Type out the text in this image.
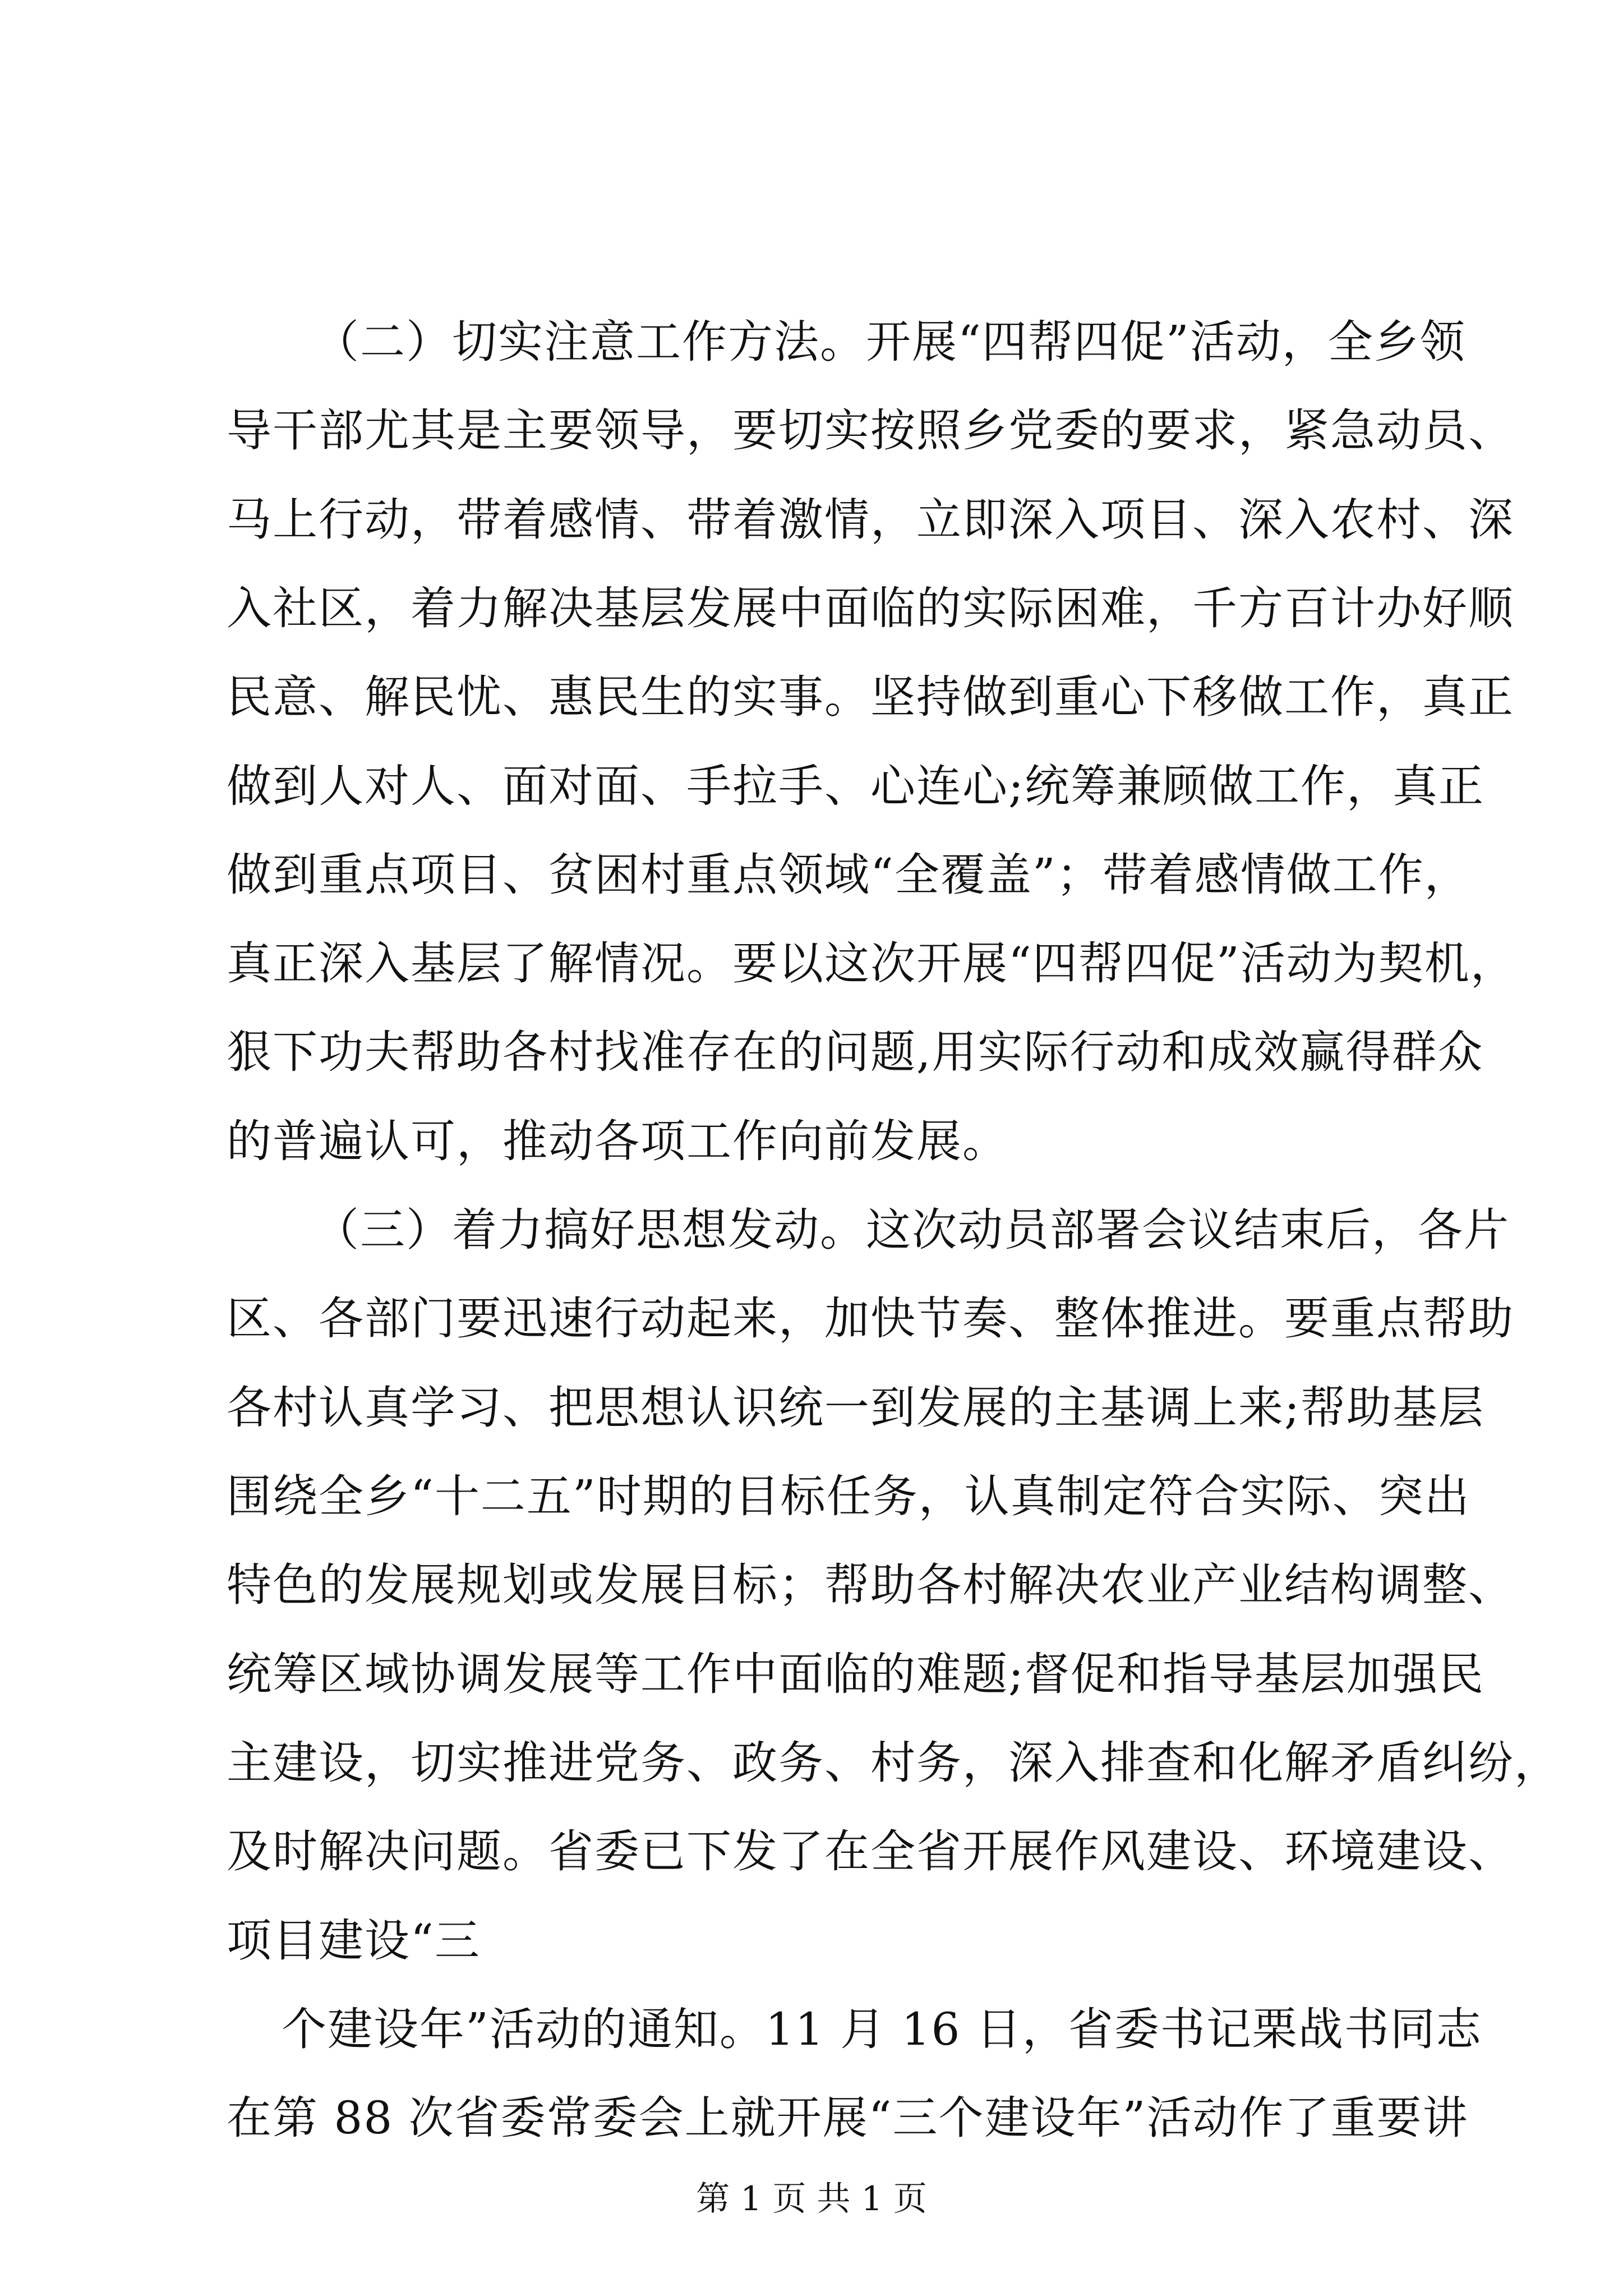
（二）切实注意工作方法。开展“四帮四促”活动，全乡领
导干部尤其是主要领导，要切实按照乡党委的要求，紧急动员、
马上行动，带着感情、带着激情，立即深入项目、深入农村、深
入社区，着力解决基层发展中面临的实际困难，千方百计办好顺
民意、解民忧、惠民生的实事。坚持做到重心下移做工作，真正
做到人对人、面对面、手拉手、心连心;统筹兼顾做工作，真正
做到重点项目、贫困村重点领域“全覆盖”；带着感情做工作，
真正深入基层了解情况。要以这次开展“四帮四促”活动为契机，
狠下功夫帮助各村找准存在的问题,用实际行动和成效赢得群众
的普遍认可，推动各项工作向前发展。
（三）着力搞好思想发动。这次动员部署会议结束后，各片
区、各部门要迅速行动起来，加快节奏、整体推进。要重点帮助
各村认真学习、把思想认识统一到发展的主基调上来;帮助基层
围绕全乡“十二五”时期的目标任务，认真制定符合实际、突出
特色的发展规划或发展目标；帮助各村解决农业产业结构调整、
统筹区域协调发展等工作中面临的难题;督促和指导基层加强民
主建设，切实推进党务、政务、村务，深入排查和化解矛盾纠纷，
及时解决问题。省委已下发了在全省开展作风建设、环境建设、
项目建设“三
个建设年”活动的通知。11 月 16 日，省委书记栗战书同志
在第 88 次省委常委会上就开展“三个建设年”活动作了重要讲
第 1 页 共 1 页
